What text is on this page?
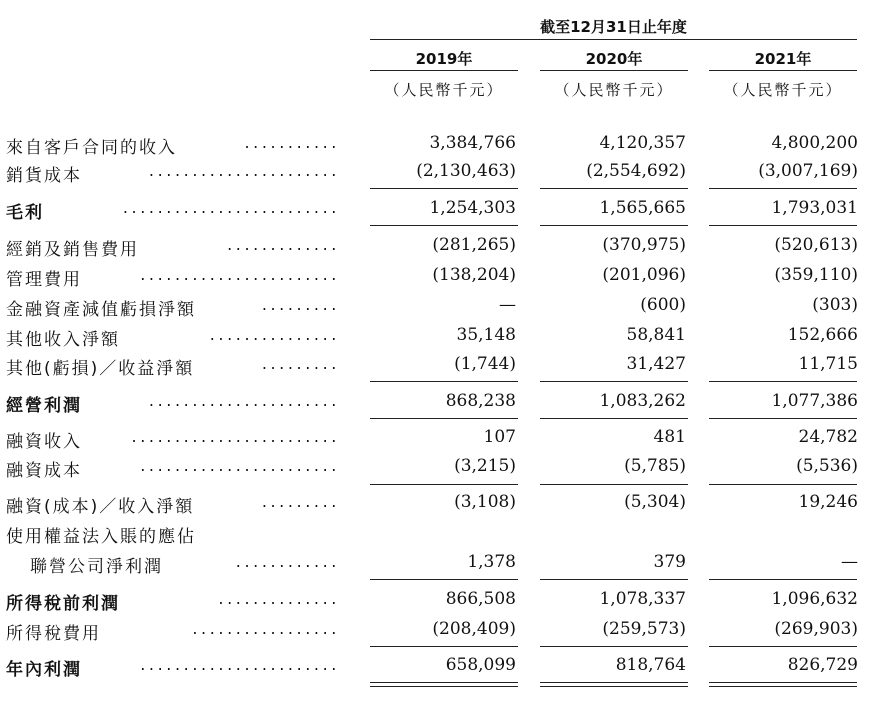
截至12月31日止年度
2019年	2020年	2021年
（人民幣千元）	（人民幣千元）	（人民幣千元）
來自客戶合同的收入	...........	3,384,766	4,120,357	4,800,200
銷貨成本	......................	(2,130,463)	(2,554,692)	(3,007,169)
毛利	.........................	1,254,303	1,565,665	1,793,031
經銷及銷售費用	.............	(281,265)	(370,975)	(520,613)
管理費用	.......................	(138,204)	(201,096)	(359,110)
金融資產減值虧損淨額	.........	—	(600)	(303)
其他收入淨額	...............	35,148	58,841	152,666
其他(虧損)／收益淨額	.........	(1,744)	31,427	11,715
經營利潤	......................	868,238	1,083,262	1,077,386
融資收入	........................	107	481	24,782
融資成本	.......................	(3,215)	(5,785)	(5,536)
融資(成本)／收入淨額	.........	(3,108)	(5,304)	19,246
使用權益法入賬的應佔
聯營公司淨利潤	............	1,378	379	—
所得稅前利潤	..............	866,508	1,078,337	1,096,632
所得稅費用	.................	(208,409)	(259,573)	(269,903)
年內利潤	.......................	658,099	818,764	826,729
